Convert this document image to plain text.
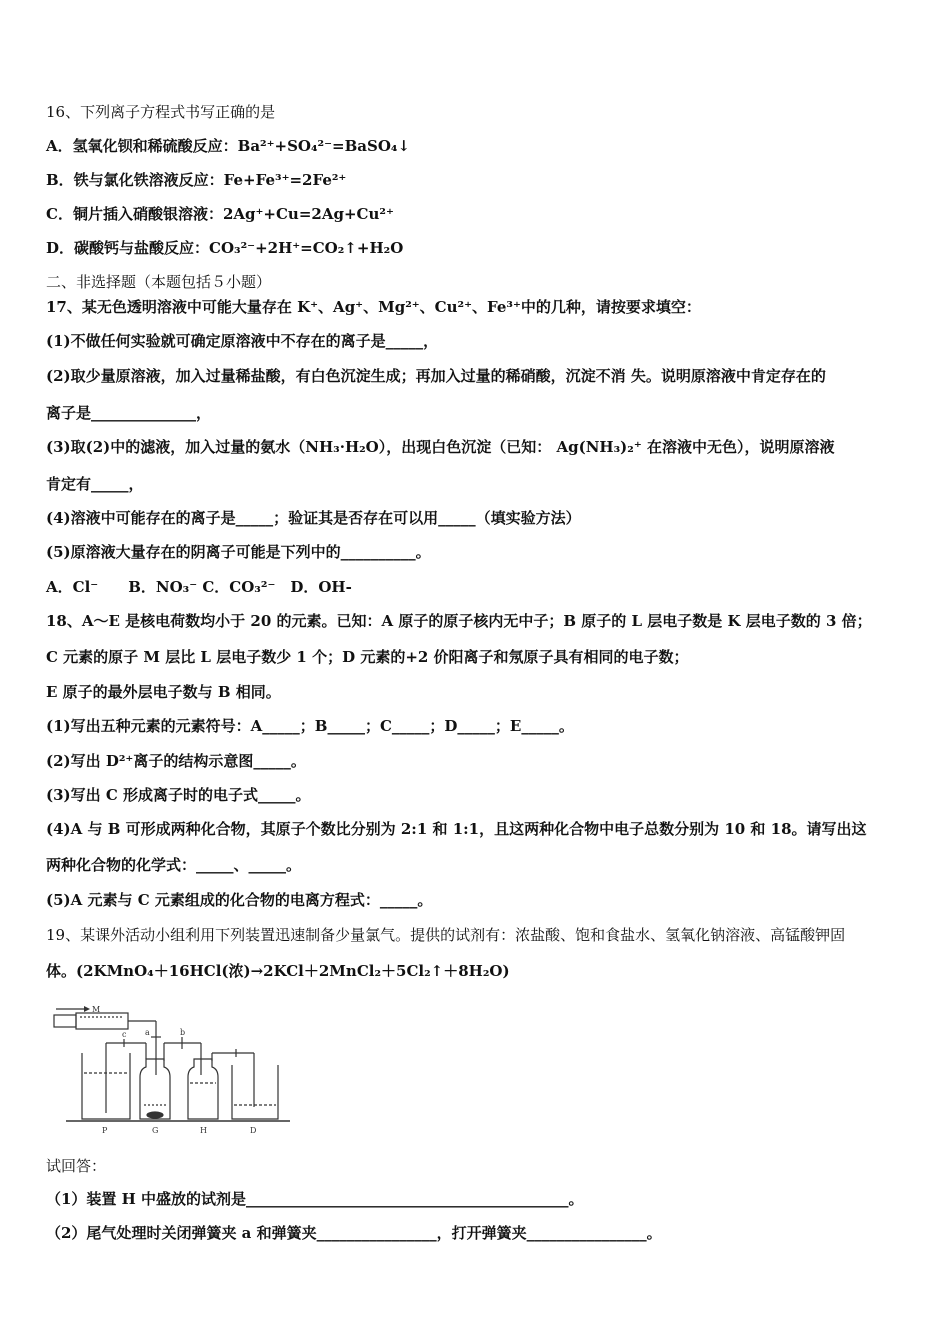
16、下列离子方程式书写正确的是
A．氢氧化钡和稀硫酸反应：Ba²⁺+SO₄²⁻=BaSO₄↓
B．铁与氯化铁溶液反应：Fe+Fe³⁺=2Fe²⁺
C．铜片插入硝酸银溶液：2Ag⁺+Cu=2Ag+Cu²⁺
D．碳酸钙与盐酸反应：CO₃²⁻+2H⁺=CO₂↑+H₂O
二、非选择题（本题包括５小题）
17、某无色透明溶液中可能大量存在 K⁺、Ag⁺、Mg²⁺、Cu²⁺、Fe³⁺中的几种，请按要求填空：
(1)不做任何实验就可确定原溶液中不存在的离子是_____，
(2)取少量原溶液，加入过量稀盐酸，有白色沉淀生成；再加入过量的稀硝酸，沉淀不消 失。说明原溶液中肯定存在的
离子是______________，
(3)取(2)中的滤液，加入过量的氨水（NH₃·H₂O），出现白色沉淀（已知： Ag(NH₃)₂⁺ 在溶液中无色），说明原溶液
肯定有_____，
(4)溶液中可能存在的离子是_____；验证其是否存在可以用_____（填实验方法）
(5)原溶液大量存在的阴离子可能是下列中的__________。
A．Cl⁻　　B．NO₃⁻ C．CO₃²⁻　D．OH-
18、A～E 是核电荷数均小于 20 的元素。已知：A 原子的原子核内无中子；B 原子的 L 层电子数是 K 层电子数的 3 倍；
C 元素的原子 M 层比 L 层电子数少 1 个；D 元素的+2 价阳离子和氖原子具有相同的电子数；
E 原子的最外层电子数与 B 相同。
(1)写出五种元素的元素符号：A_____；B_____；C_____；D_____；E_____。
(2)写出 D²⁺离子的结构示意图_____。
(3)写出 C 形成离子时的电子式_____。
(4)A 与 B 可形成两种化合物，其原子个数比分别为 2:1 和 1:1，且这两种化合物中电子总数分别为 10 和 18。请写出这
两种化合物的化学式：_____、_____。
(5)A 元素与 C 元素组成的化合物的电离方程式：_____。
19、某课外活动小组利用下列装置迅速制备少量氯气。提供的试剂有：浓盐酸、饱和食盐水、氢氧化钠溶液、高锰酸钾固
体。(2KMnO₄＋16HCl(浓)→2KCl＋2MnCl₂＋5Cl₂↑＋8H₂O)
M
a
c	b
P	G	H	D
试回答：
（1）装置 H 中盛放的试剂是___________________________________________。
（2）尾气处理时关闭弹簧夹 a 和弹簧夹________________，打开弹簧夹________________。
